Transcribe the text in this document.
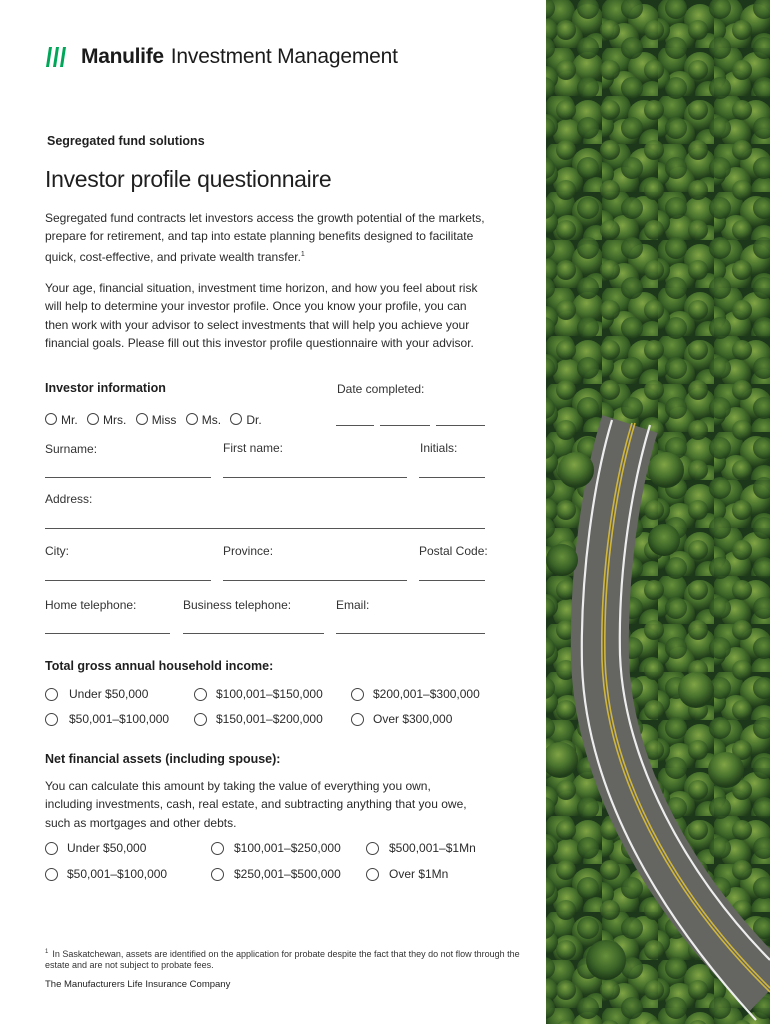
Manulife Investment Management
Segregated fund solutions
Investor profile questionnaire
Segregated fund contracts let investors access the growth potential of the markets, prepare for retirement, and tap into estate planning benefits designed to facilitate quick, cost-effective, and private wealth transfer.$^1$
Your age, financial situation, investment time horizon, and how you feel about risk will help to determine your investor profile. Once you know your profile, you can then work with your advisor to select investments that will help you achieve your financial goals. Please fill out this investor profile questionnaire with your advisor.
Investor information	Date completed:
Mr. Mrs. Miss Ms. Dr.
Surname:	First name:	Initials:
Address:
City:	Province:	Postal Code:
Home telephone:	Business telephone:	Email:
Total gross annual household income:
Under $50,000	$100,001–$150,000	$200,001–$300,000
$50,001–$100,000	$150,001–$200,000	Over $300,000
Net financial assets (including spouse):
You can calculate this amount by taking the value of everything you own, including investments, cash, real estate, and subtracting anything that you owe, such as mortgages and other debts.
Under $50,000	$100,001–$250,000	$500,001–$1Mn
$50,001–$100,000	$250,001–$500,000	Over $1Mn
$^1$ In Saskatchewan, assets are identified on the application for probate despite the fact that they do not flow through the estate and are not subject to probate fees.
The Manufacturers Life Insurance Company
